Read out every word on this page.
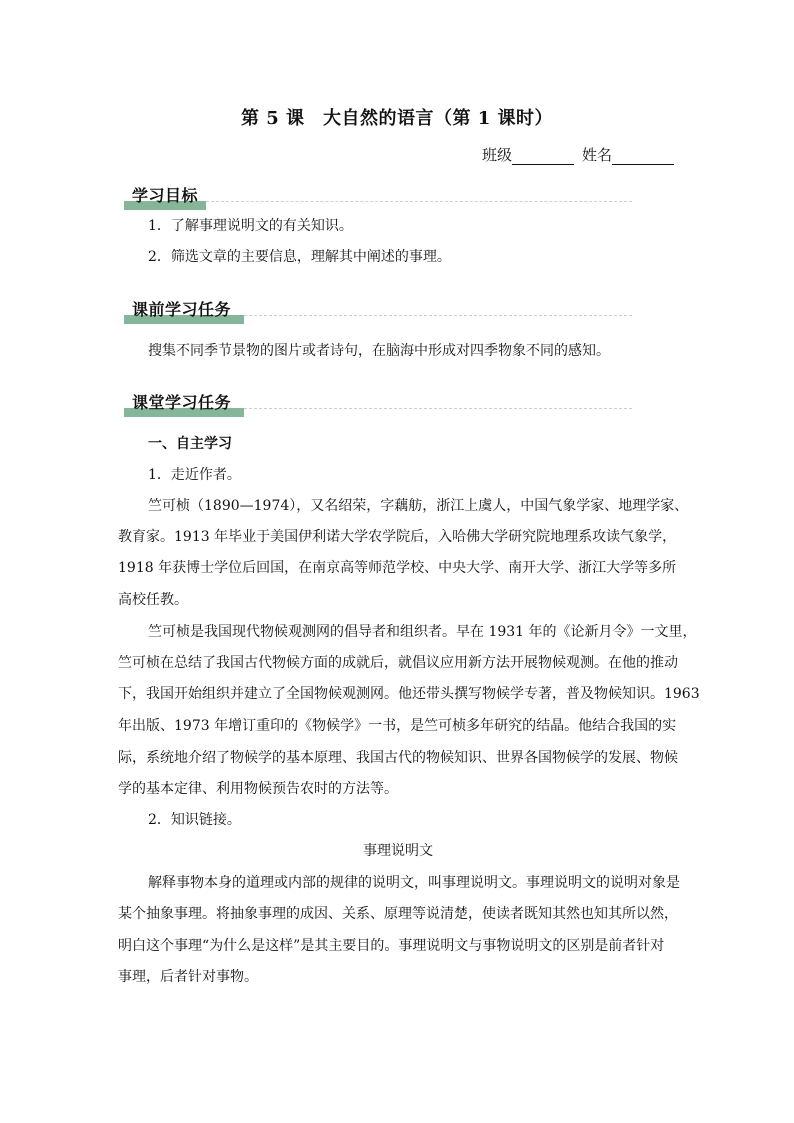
第 5 课　大自然的语言（第 1 课时）
班级	姓名
学习目标
1．了解事理说明文的有关知识。
2．筛选文章的主要信息，理解其中阐述的事理。
课前学习任务
搜集不同季节景物的图片或者诗句，在脑海中形成对四季物象不同的感知。
课堂学习任务
一、自主学习
1．走近作者。
竺可桢（1890—1974），又名绍荣，字藕舫，浙江上虞人，中国气象学家、地理学家、
教育家。1913 年毕业于美国伊利诺大学农学院后，入哈佛大学研究院地理系攻读气象学，
1918 年获博士学位后回国，在南京高等师范学校、中央大学、南开大学、浙江大学等多所
高校任教。
竺可桢是我国现代物候观测网的倡导者和组织者。早在 1931 年的《论新月令》一文里，
竺可桢在总结了我国古代物候方面的成就后，就倡议应用新方法开展物候观测。在他的推动
下，我国开始组织并建立了全国物候观测网。他还带头撰写物候学专著，普及物候知识。1963
年出版、1973 年增订重印的《物候学》一书，是竺可桢多年研究的结晶。他结合我国的实
际，系统地介绍了物候学的基本原理、我国古代的物候知识、世界各国物候学的发展、物候
学的基本定律、利用物候预告农时的方法等。
2．知识链接。
事理说明文
解释事物本身的道理或内部的规律的说明文，叫事理说明文。事理说明文的说明对象是
某个抽象事理。将抽象事理的成因、关系、原理等说清楚，使读者既知其然也知其所以然，
明白这个事理“为什么是这样”是其主要目的。事理说明文与事物说明文的区别是前者针对
事理，后者针对事物。
